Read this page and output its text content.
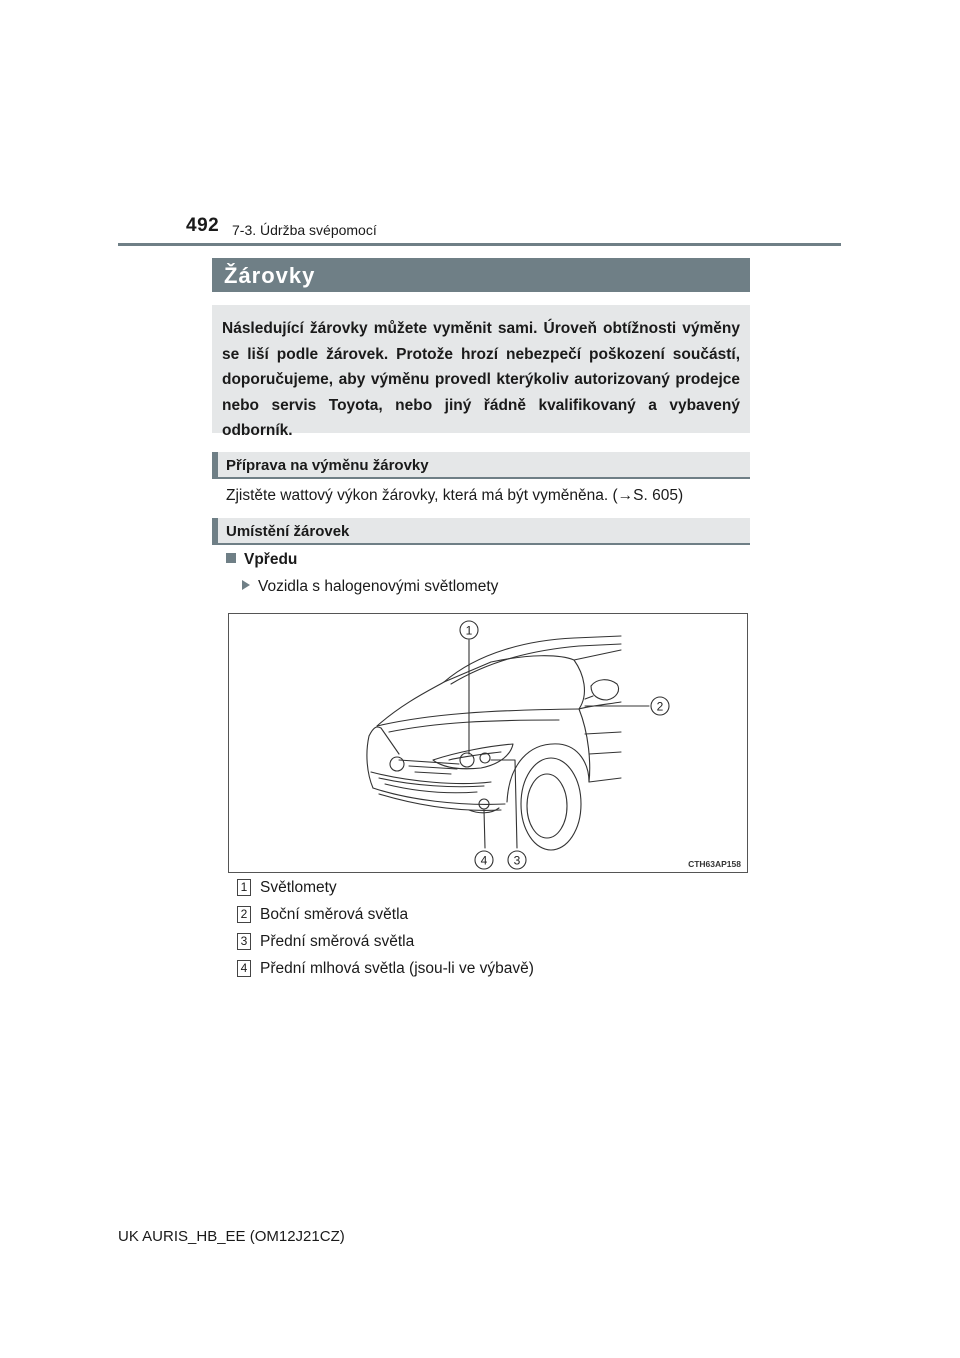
492 7-3. Údržba svépomocí
Žárovky
Následující žárovky můžete vyměnit sami. Úroveň obtížnosti výměny se liší podle žárovek. Protože hrozí nebezpečí poškození součástí, doporučujeme, aby výměnu provedl kterýkoliv autorizovaný prodejce nebo servis Toyota, nebo jiný řádně kvalifikovaný a vybavený odborník.
Příprava na výměnu žárovky
Zjistěte wattový výkon žárovky, která má být vyměněna. (→S. 605)
Umístění žárovek
Vpředu
Vozidla s halogenovými světlomety
1
2
3
4	CTH63AP158
1 Světlomety
2 Boční směrová světla
3 Přední směrová světla
4 Přední mlhová světla (jsou-li ve výbavě)
UK AURIS_HB_EE (OM12J21CZ)
